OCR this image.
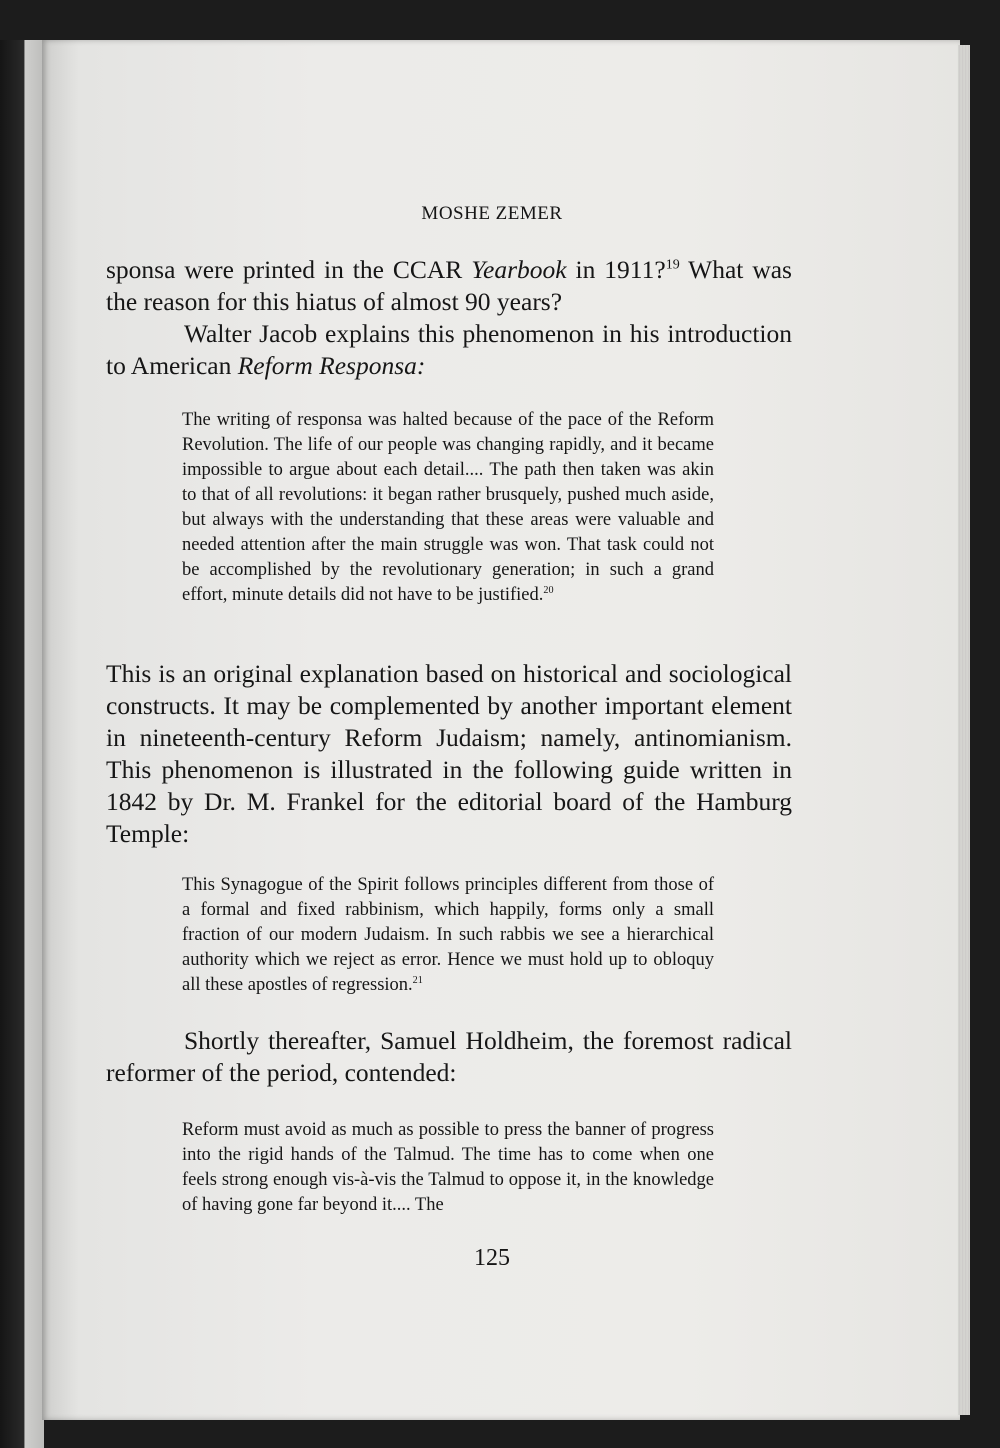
MOSHE ZEMER

sponsa were printed in the CCAR Yearbook in 1911?$^{19}$ What was the reason for this hiatus of almost 90 years?

Walter Jacob explains this phenomenon in his introduction to American Reform Responsa:

The writing of responsa was halted because of the pace of the Reform Revolution. The life of our people was changing rapidly, and it became impossible to argue about each detail.... The path then taken was akin to that of all revolutions: it began rather brusquely, pushed much aside, but always with the understanding that these areas were valuable and needed attention after the main struggle was won. That task could not be accomplished by the revolutionary generation; in such a grand effort, minute details did not have to be justified.$^{20}$

This is an original explanation based on historical and sociological constructs. It may be complemented by another important element in nineteenth-century Reform Judaism; namely, antinomianism. This phenomenon is illustrated in the following guide written in 1842 by Dr. M. Frankel for the editorial board of the Hamburg Temple:

This Synagogue of the Spirit follows principles different from those of a formal and fixed rabbinism, which happily, forms only a small fraction of our modern Judaism. In such rabbis we see a hierarchical authority which we reject as error. Hence we must hold up to obloquy all these apostles of regression.$^{21}$

Shortly thereafter, Samuel Holdheim, the foremost radical reformer of the period, contended:

Reform must avoid as much as possible to press the banner of progress into the rigid hands of the Talmud. The time has to come when one feels strong enough vis-à-vis the Talmud to oppose it, in the knowledge of having gone far beyond it.... The

125
